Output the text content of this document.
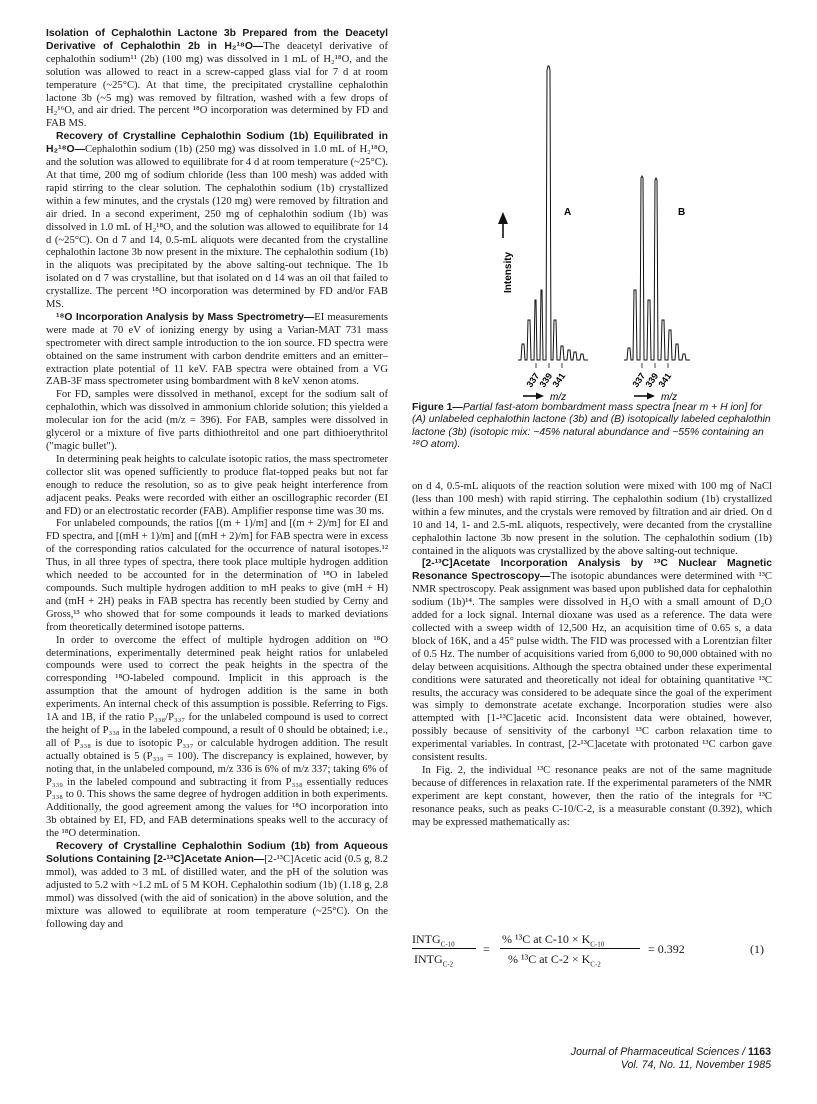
Isolation of Cephalothin Lactone 3b Prepared from the Deacetyl Derivative of Cephalothin 2b in H₂¹⁸O—The deacetyl derivative of cephalothin sodium¹¹ (2b) (100 mg) was dissolved in 1 mL of H₂¹⁸O, and the solution was allowed to react in a screw-capped glass vial for 7 d at room temperature (~25°C). At that time, the precipitated crystalline cephalothin lactone 3b (~5 mg) was removed by filtration, washed with a few drops of H₂¹⁶O, and air dried. The percent ¹⁸O incorporation was determined by FD and FAB MS.

Recovery of Crystalline Cephalothin Sodium (1b) Equilibrated in H₂¹⁸O—Cephalothin sodium (1b) (250 mg) was dissolved in 1.0 mL of H₂¹⁸O, and the solution was allowed to equilibrate for 4 d at room temperature (~25°C). At that time, 200 mg of sodium chloride (less than 100 mesh) was added with rapid stirring to the clear solution. The cephalothin sodium (1b) crystallized within a few minutes, and the crystals (120 mg) were removed by filtration and air dried. In a second experiment, 250 mg of cephalothin sodium (1b) was dissolved in 1.0 mL of H₂¹⁸O, and the solution was allowed to equilibrate for 14 d (~25°C). On d 7 and 14, 0.5-mL aliquots were decanted from the crystalline cephalothin lactone 3b now present in the mixture. The cephalothin sodium (1b) in the aliquots was precipitated by the above salting-out technique. The 1b isolated on d 7 was crystalline, but that isolated on d 14 was an oil that failed to crystallize. The percent ¹⁸O incorporation was determined by FD and/or FAB MS.

¹⁸O Incorporation Analysis by Mass Spectrometry—EI measurements were made at 70 eV of ionizing energy by using a Varian-MAT 731 mass spectrometer with direct sample introduction to the ion source. FD spectra were obtained on the same instrument with carbon dendrite emitters and an emitter–extraction plate potential of 11 keV. FAB spectra were obtained from a VG ZAB-3F mass spectrometer using bombardment with 8 keV xenon atoms.

For FD, samples were dissolved in methanol, except for the sodium salt of cephalothin, which was dissolved in ammonium chloride solution; this yielded a molecular ion for the acid (m/z = 396). For FAB, samples were dissolved in glycerol or a mixture of five parts dithiothreitol and one part dithioerythritol ("magic bullet").

In determining peak heights to calculate isotopic ratios, the mass spectrometer collector slit was opened sufficiently to produce flat-topped peaks but not far enough to reduce the resolution, so as to give peak height interference from adjacent peaks. Peaks were recorded with either an oscillographic recorder (EI and FD) or an electrostatic recorder (FAB). Amplifier response time was 30 ms.

For unlabeled compounds, the ratios [(m + 1)/m] and [(m + 2)/m] for EI and FD spectra, and [(mH + 1)/m] and [(mH + 2)/m] for FAB spectra were in excess of the corresponding ratios calculated for the occurrence of natural isotopes.¹² Thus, in all three types of spectra, there took place multiple hydrogen addition which needed to be accounted for in the determination of ¹⁸O in labeled compounds. Such multiple hydrogen addition to mH peaks to give (mH + H) and (mH + 2H) peaks in FAB spectra has recently been studied by Cerny and Gross,¹³ who showed that for some compounds it leads to marked deviations from theoretically determined isotope patterns.

In order to overcome the effect of multiple hydrogen addition on ¹⁸O determinations, experimentally determined peak height ratios for unlabeled compounds were used to correct the peak heights in the spectra of the corresponding ¹⁸O-labeled compound. Implicit in this approach is the assumption that the amount of hydrogen addition is the same in both experiments. An internal check of this assumption is possible. Referring to Figs. 1A and 1B, if the ratio P₃₃₈/P₃₃₇ for the unlabeled compound is used to correct the height of P₃₃₈ in the labeled compound, a result of 0 should be obtained; i.e., all of P₃₃₈ is due to isotopic P₃₃₇ or calculable hydrogen addition. The result actually obtained is 5 (P₃₃₉ = 100). The discrepancy is explained, however, by noting that, in the unlabeled compound, m/z 336 is 6% of m/z 337; taking 6% of P₃₃₉ in the labeled compound and subtracting it from P₃₃₈ essentially reduces P₃₃₈ to 0. This shows the same degree of hydrogen addition in both experiments. Additionally, the good agreement among the values for ¹⁸O incorporation into 3b obtained by EI, FD, and FAB determinations speaks well to the accuracy of the ¹⁸O determination.

Recovery of Crystalline Cephalothin Sodium (1b) from Aqueous Solutions Containing [2-¹³C]Acetate Anion—[2-¹³C]Acetic acid (0.5 g, 8.2 mmol), was added to 3 mL of distilled water, and the pH of the solution was adjusted to 5.2 with ~1.2 mL of 5 M KOH. Cephalothin sodium (1b) (1.18 g, 2.8 mmol) was dissolved (with the aid of sonication) in the above solution, and the mixture was allowed to equilibrate at room temperature (~25°C). On the following day and

Intensity
A	B
337
339
341	337
339
341
m/z	m/z
Figure 1—Partial fast-atom bombardment mass spectra [near m + H ion] for (A) unlabeled cephalothin lactone (3b) and (B) isotopically labeled cephalothin lactone (3b) (isotopic mix: ~45% natural abundance and ~55% containing an ¹⁸O atom).

on d 4, 0.5-mL aliquots of the reaction solution were mixed with 100 mg of NaCl (less than 100 mesh) with rapid stirring. The cephalothin sodium (1b) crystallized within a few minutes, and the crystals were removed by filtration and air dried. On d 10 and 14, 1- and 2.5-mL aliquots, respectively, were decanted from the crystalline cephalothin lactone 3b now present in the solution. The cephalothin sodium (1b) contained in the aliquots was crystallized by the above salting-out technique.

[2-¹³C]Acetate Incorporation Analysis by ¹³C Nuclear Magnetic Resonance Spectroscopy—The isotopic abundances were determined with ¹³C NMR spectroscopy. Peak assignment was based upon published data for cephalothin sodium (1b)¹⁴. The samples were dissolved in H₂O with a small amount of D₂O added for a lock signal. Internal dioxane was used as a reference. The data were collected with a sweep width of 12,500 Hz, an acquisition time of 0.65 s, a data block of 16K, and a 45° pulse width. The FID was processed with a Lorentzian filter of 0.5 Hz. The number of acquisitions varied from 6,000 to 90,000 obtained with no delay between acquisitions. Although the spectra obtained under these experimental conditions were saturated and theoretically not ideal for obtaining quantitative ¹³C results, the accuracy was considered to be adequate since the goal of the experiment was simply to demonstrate acetate exchange. Incorporation studies were also attempted with [1-¹³C]acetic acid. Inconsistent data were obtained, however, possibly because of sensitivity of the carbonyl ¹³C carbon relaxation time to experimental variables. In contrast, [2-¹³C]acetate with protonated ¹³C carbon gave consistent results.

In Fig. 2, the individual ¹³C resonance peaks are not of the same magnitude because of differences in relaxation rate. If the experimental parameters of the NMR experiment are kept constant, however, then the ratio of the integrals for ¹³C resonance peaks, such as peaks C-10/C-2, is a measurable constant (0.392), which may be expressed mathematically as:

$INTG_{C-10}$
$INTG_{C-2}$
=
% ¹³C at $C-10 \times K_{C-10}$
% ¹³C at $C-2 \times K_{C-2}$
= 0.392	(1)
Journal of Pharmaceutical Sciences / 1163
Vol. 74, No. 11, November 1985
